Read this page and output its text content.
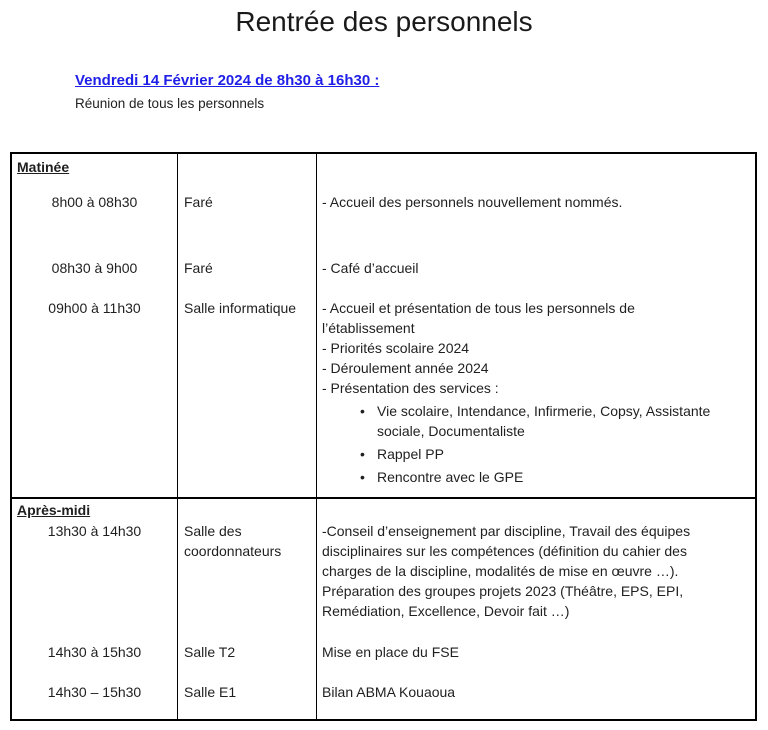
Rentrée des personnels
Vendredi 14 Février 2024 de 8h30 à 16h30 :
Réunion de tous les personnels
Matinée
8h00 à 08h30	Faré	- Accueil des personnels nouvellement nommés.
08h30 à 9h00	Faré	- Café d’accueil
09h00 à 11h30	Salle informatique	- Accueil et présentation de tous les personnels de
l’établissement
- Priorités scolaire 2024
- Déroulement année 2024
- Présentation des services :
• Vie scolaire, Intendance, Infirmerie, Copsy, Assistante
sociale, Documentaliste
• Rappel PP
• Rencontre avec le GPE
Après-midi
13h30 à 14h30	Salle des coordonnateurs
-Conseil d’enseignement par discipline, Travail des équipes
disciplinaires sur les compétences (définition du cahier des
charges de la discipline, modalités de mise en œuvre …).
Préparation des groupes projets 2023 (Théâtre, EPS, EPI,
Remédiation, Excellence, Devoir fait …)
14h30 à 15h30	Salle T2	Mise en place du FSE
14h30 – 15h30	Salle E1	Bilan ABMA Kouaoua
